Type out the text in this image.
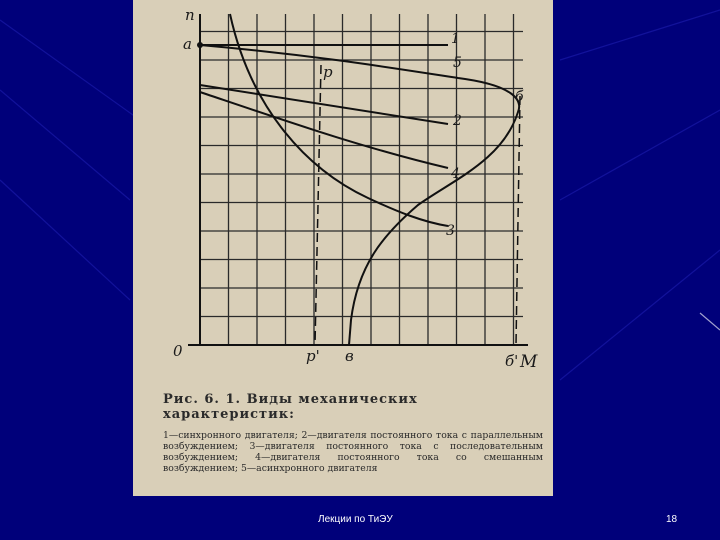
n
a
0
p
p'
б
в	б' M
1
5
2
4
3
Рис. 6. 1. Виды механических характеристик:
1—синхронного двигателя; 2—двигателя постоянного тока с параллельным возбуждением; 3—двигателя постоянного тока с последовательным возбуждением; 4—двигателя постоянного тока со смешанным возбуждением; 5—асинхронного двигателя
Лекции по ТиЭУ	18
